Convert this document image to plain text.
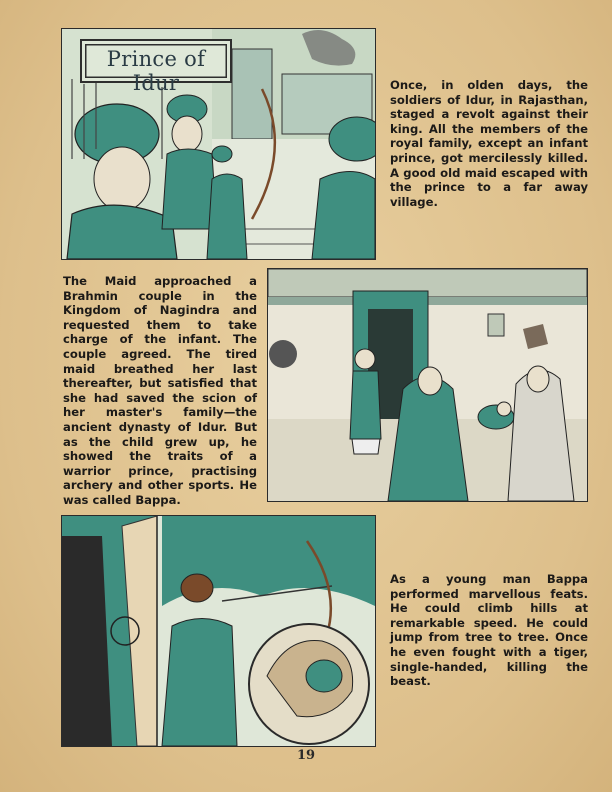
Prince of Idur	Once, in olden days, the soldiers of Idur, in Rajasthan, staged a revolt against their king. All the members of the royal family, except an infant prince, got mercilessly killed. A good old maid escaped with the prince to a far away village.
The Maid approached a Brahmin couple in the Kingdom of Nagindra and requested them to take charge of the infant. The couple agreed. The tired maid breathed her last thereafter, but satisfied that she had saved the scion of her master's family—the ancient dynasty of Idur. But as the child grew up, he showed the traits of a warrior prince, practising archery and other sports. He was called Bappa.
As a young man Bappa performed marvellous feats. He could climb hills at remarkable speed. He could jump from tree to tree. Once he even fought with a tiger, single-handed, killing the beast.
19
